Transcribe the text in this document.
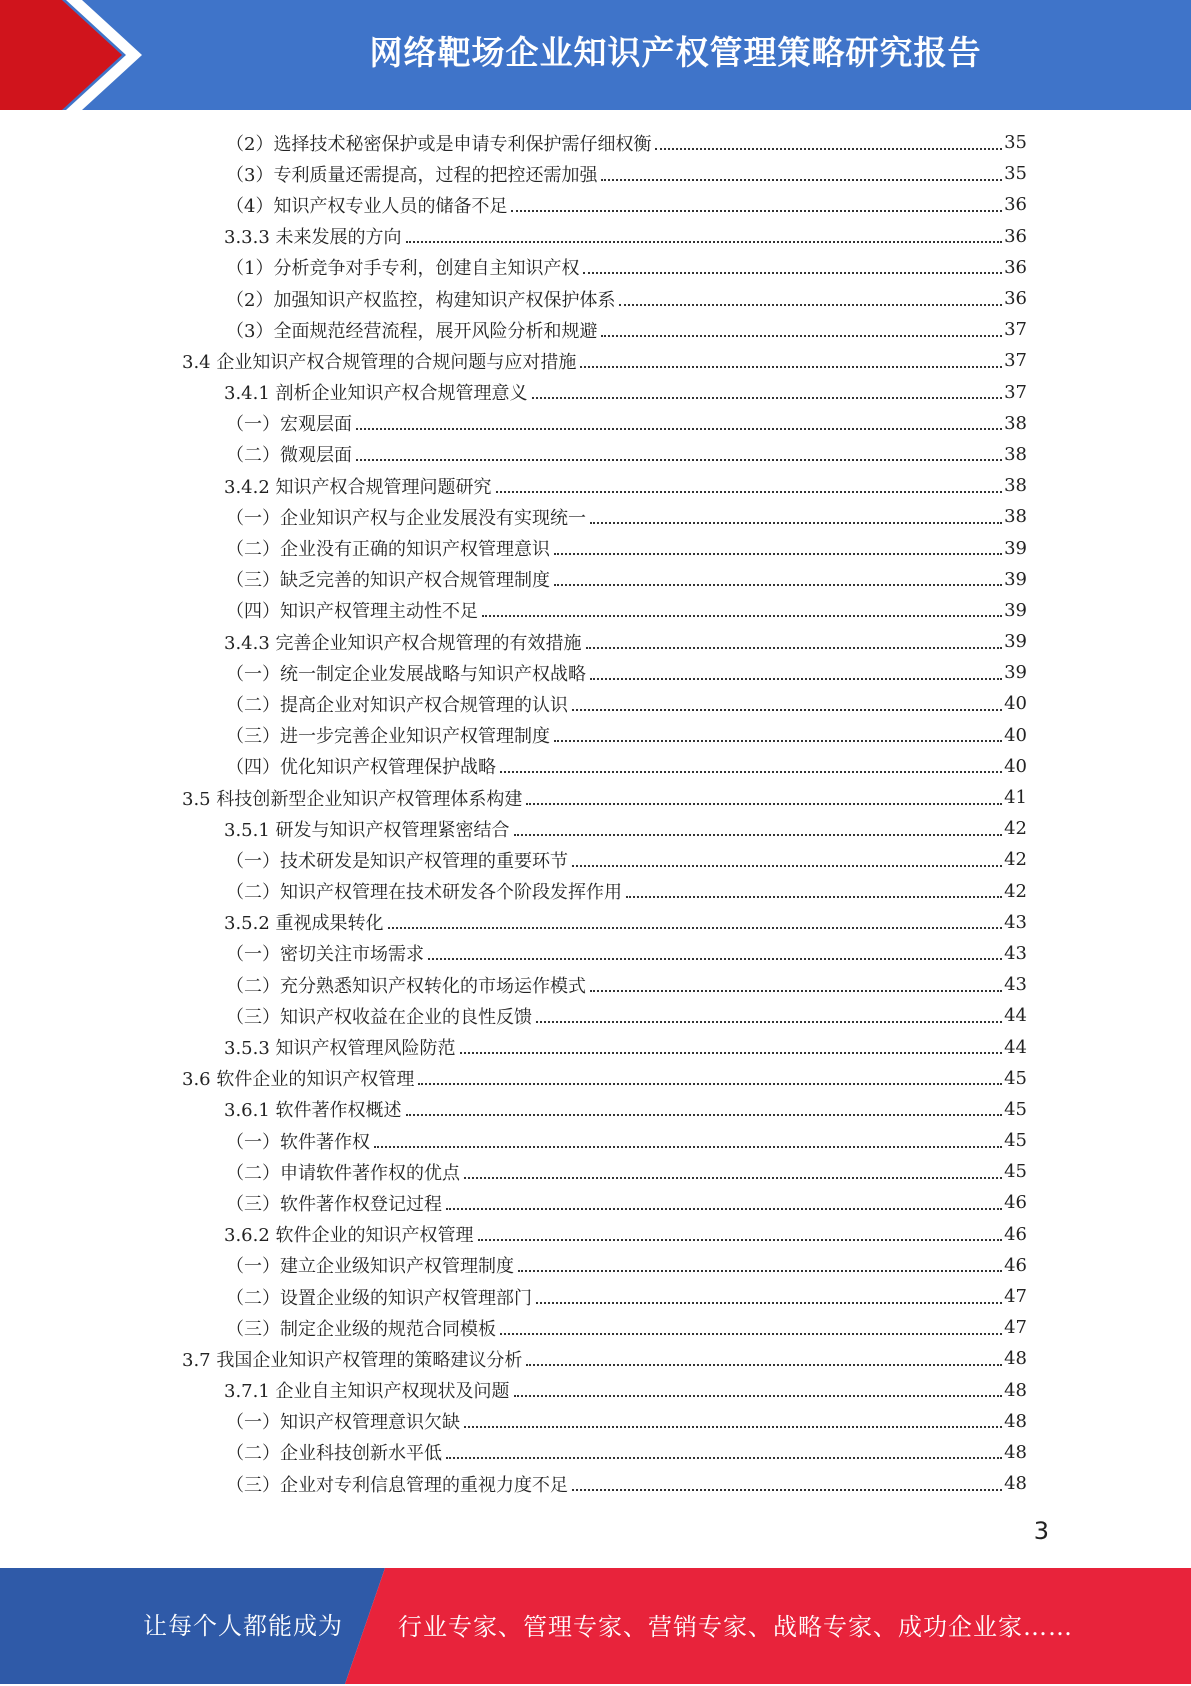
网络靶场企业知识产权管理策略研究报告
（2）选择技术秘密保护或是申请专利保护需仔细权衡	35
（3）专利质量还需提高，过程的把控还需加强	35
（4）知识产权专业人员的储备不足	36
3.3.3 未来发展的方向	36
（1）分析竞争对手专利，创建自主知识产权	36
（2）加强知识产权监控，构建知识产权保护体系	36
（3）全面规范经营流程，展开风险分析和规避	37
3.4 企业知识产权合规管理的合规问题与应对措施	37
3.4.1 剖析企业知识产权合规管理意义	37
（一）宏观层面	38
（二）微观层面	38
3.4.2 知识产权合规管理问题研究	38
（一）企业知识产权与企业发展没有实现统一	38
（二）企业没有正确的知识产权管理意识	39
（三）缺乏完善的知识产权合规管理制度	39
（四）知识产权管理主动性不足	39
3.4.3 完善企业知识产权合规管理的有效措施	39
（一）统一制定企业发展战略与知识产权战略	39
（二）提高企业对知识产权合规管理的认识	40
（三）进一步完善企业知识产权管理制度	40
（四）优化知识产权管理保护战略	40
3.5 科技创新型企业知识产权管理体系构建	41
3.5.1 研发与知识产权管理紧密结合	42
（一）技术研发是知识产权管理的重要环节	42
（二）知识产权管理在技术研发各个阶段发挥作用	42
3.5.2 重视成果转化	43
（一）密切关注市场需求	43
（二）充分熟悉知识产权转化的市场运作模式	43
（三）知识产权收益在企业的良性反馈	44
3.5.3 知识产权管理风险防范	44
3.6 软件企业的知识产权管理	45
3.6.1 软件著作权概述	45
（一）软件著作权	45
（二）申请软件著作权的优点	45
（三）软件著作权登记过程	46
3.6.2 软件企业的知识产权管理	46
（一）建立企业级知识产权管理制度	46
（二）设置企业级的知识产权管理部门	47
（三）制定企业级的规范合同模板	47
3.7 我国企业知识产权管理的策略建议分析	48
3.7.1 企业自主知识产权现状及问题	48
（一）知识产权管理意识欠缺	48
（二）企业科技创新水平低	48
（三）企业对专利信息管理的重视力度不足	48
3
让每个人都能成为 行业专家、管理专家、营销专家、战略专家、成功企业家……
